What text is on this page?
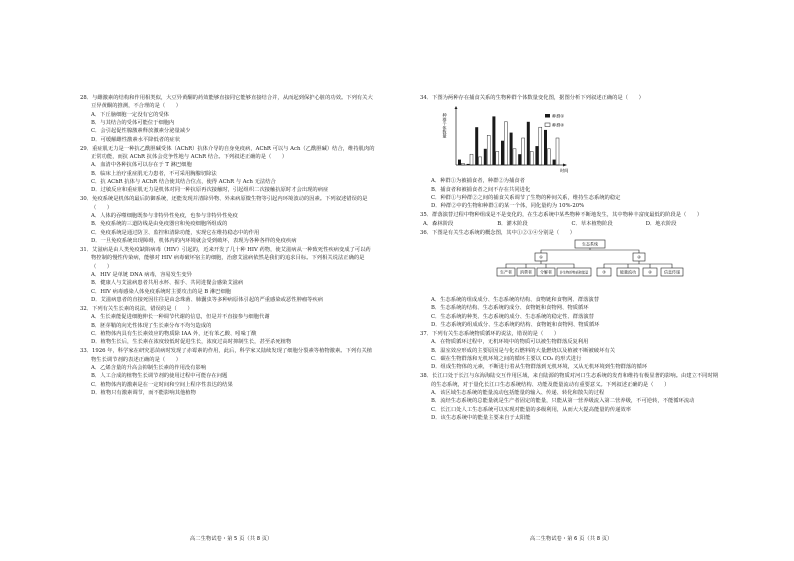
28．与雌激素的结构和作用相类似，大豆异黄酮的药效能够直接同它能够直接结合并，从而起到保护心脏的功效。下列有关大豆异黄酮的推测，不合理的是（　　）
A．下丘脑细胞一定没有它的受体
B．与其结合的受体可能位于细胞内
C．会引起促性腺激素释放激素分泌量减少
D．可缓解雌性激素水平降低者的症状
29．重症肌无力是一种抗乙酰胆碱受体（AChR）抗体介导的自身免疫病，AChR 可以与 Ach（乙酰胆碱）结合，维持肌肉的正常功能，而抗 AChR 抗体会竞争性地与 AChR 结合。下列叙述正确的是（　　）
A．血清中各种抗体可以存在于 T 淋巴细胞
B．临床上治疗重症肌无力患者，不可采用胸腺切除法
C．抗 AChR 抗体与 AChR 结合使其结合位点，使得 AChR 与 Ach 无法结合
D．过敏反应和重症肌无力是机体对同一种抗原再次接触时，引起组织二次接触抗原时才会出现的病症
30．免疫系统是机体的最后防御系统，还能发现并清除异物、外来病原微生物等引起内环境波动的因素。下列叙述错误的是（　　）
A．人体的吞噬细胞既参与非特异性免疫，也参与非特异性免疫
B．免疫系统的三道防线是由免疫器官和免疫细胞所组成的
C．免疫系统是通过防卫、监控和清除功能，实现它在维持稳态中的作用
D．一旦免疫系统出现障碍，机体内的内环境就会受到破坏，表现为各种各样的免疫疾病
31．艾滋病是由人类免疫缺陷病毒（HIV）引起的，近来开发了几十种 HIV 药物，使艾滋病从一种致死性疾病变成了可以药物控制的慢性传染病，能够对 HIV 病毒破坏宿主的细胞，治愈艾滋病依然是我们的追求目标。下列相关说法正确的是（　　）
A．HIV 是单链 DNA 病毒，容易发生变异
B．健康人与艾滋病患者共用水杯、握手、共同进餐会感染艾滋病
C．HIV 病毒感染人体免疫系统时主要攻击的是 B 淋巴细胞
D．艾滋病患者的直接死因往往是由念珠菌、肺囊虫等多种病原体引起的严重感染或恶性肿瘤等疾病
32．下列有关生长素的说法，错误的是（　　）
A．生长素能促进细胞伸长一种调节代谢的信息，但是并不直接参与细胞代谢
B．胚芽鞘的向光性体现了生长素分布不均匀造成的
C．植物体内具有生长素效应的物质除 IAA 外，还有苯乙酸、吲哚丁酸
D．植物生长后，生长素在浓度较低时促进生长，浓度过高时抑制生长，甚至杀死植物
33．1926 年，科学家在研究恶苗病时发现了赤霉素的作用，此后，科学家又陆续发现了细胞分裂素等植物激素。下列有关植物生长调节剂的表述正确的是（　　）
A．乙烯含量的升高会抑制生长素的作用没有影响
B．人工合成的植物生长调节剂的使用过程中可能存在问题
C．植物体内的激素是在一定时间和空间上程序性表达的结果
D．植物只有激素调节，而不能影响其他植物
34．下图为两种存在捕食关系的生物种群个体数量变化图，据图分析下列叙述正确的是（　　）
种群个体数量
时间
种群①
种群②
A．种群①为被捕食者，种群②为捕食者
B．捕食者和被捕食者之间不存在共同进化
C．种群①与种群②之间的捕食关系调节了生物的种间关系，维持生态系统的稳定
D．种群②中的生物和种群①的某一个体，同化量约为 10%-20%
35．群落演替过程中物种组成是不是变化的，在生态系统中某些物种不断地发生，其中物种丰富度最低的阶段是（　　）
A．森林阶段	B．灌木阶段	C．草本植物阶段	D．地衣阶段
36．下图是有关生态系统的概念图，其中①②③④分别是（　　）
生态系统
①	②
生产者 消费者 分解者 非生物的物质和能量	③	能量流动	④	信息传递
A．生态系统的组成成分、生态系统的结构、食物链和食物网、群落演替
B．生态系统的结构、生态系统的成分、食物链和食物网、物质循环
C．生态系统的种类、生态系统的成分、生态系统的稳定性、群落演替
D．生态系统的组成成分、生态系统的结构、食物链和食物网、物质循环
37．下列有关生态系统物质循环的说法，错误的是（　　）
A．在物质循环过程中，无机环境中的物质可以被生物群落反复利用
B．温室效应形成的主要原因是与化石燃料的大量燃烧以及植被不断被破坏有关
C．碳在生物群落和无机环境之间的循环主要以 CO₂ 的形式进行
D．组成生物体的元素，不断进行着从生物群落到无机环境，又从无机环境到生物群落的循环
38．长江口处于长江与东海海陆交互作用区域，来自陆源的物质对河口生态系统的发育和维持有极显著的影响。由建立不同时期的生态系统，对于量化长江口生态系统结构、功能及能量流动有重要意义。下列叙述正确的是（　　）
A．该区域生态系统的能量流动包括能量的输入、传递、转化和散失的过程
B．流经生态系统的总能量就是生产者固定的能量，只能从第一营养级流入第二营养级，不可逆转，不能循环流动
C．长江口处人工生态系统可以实现对能量的多级利用，从而大大提高能量的传递效率
D．该生态系统中的能量主要来自于太阳能
高二生物试卷・第 5 页（共 8 页）	高二生物试卷・第 6 页（共 8 页）
